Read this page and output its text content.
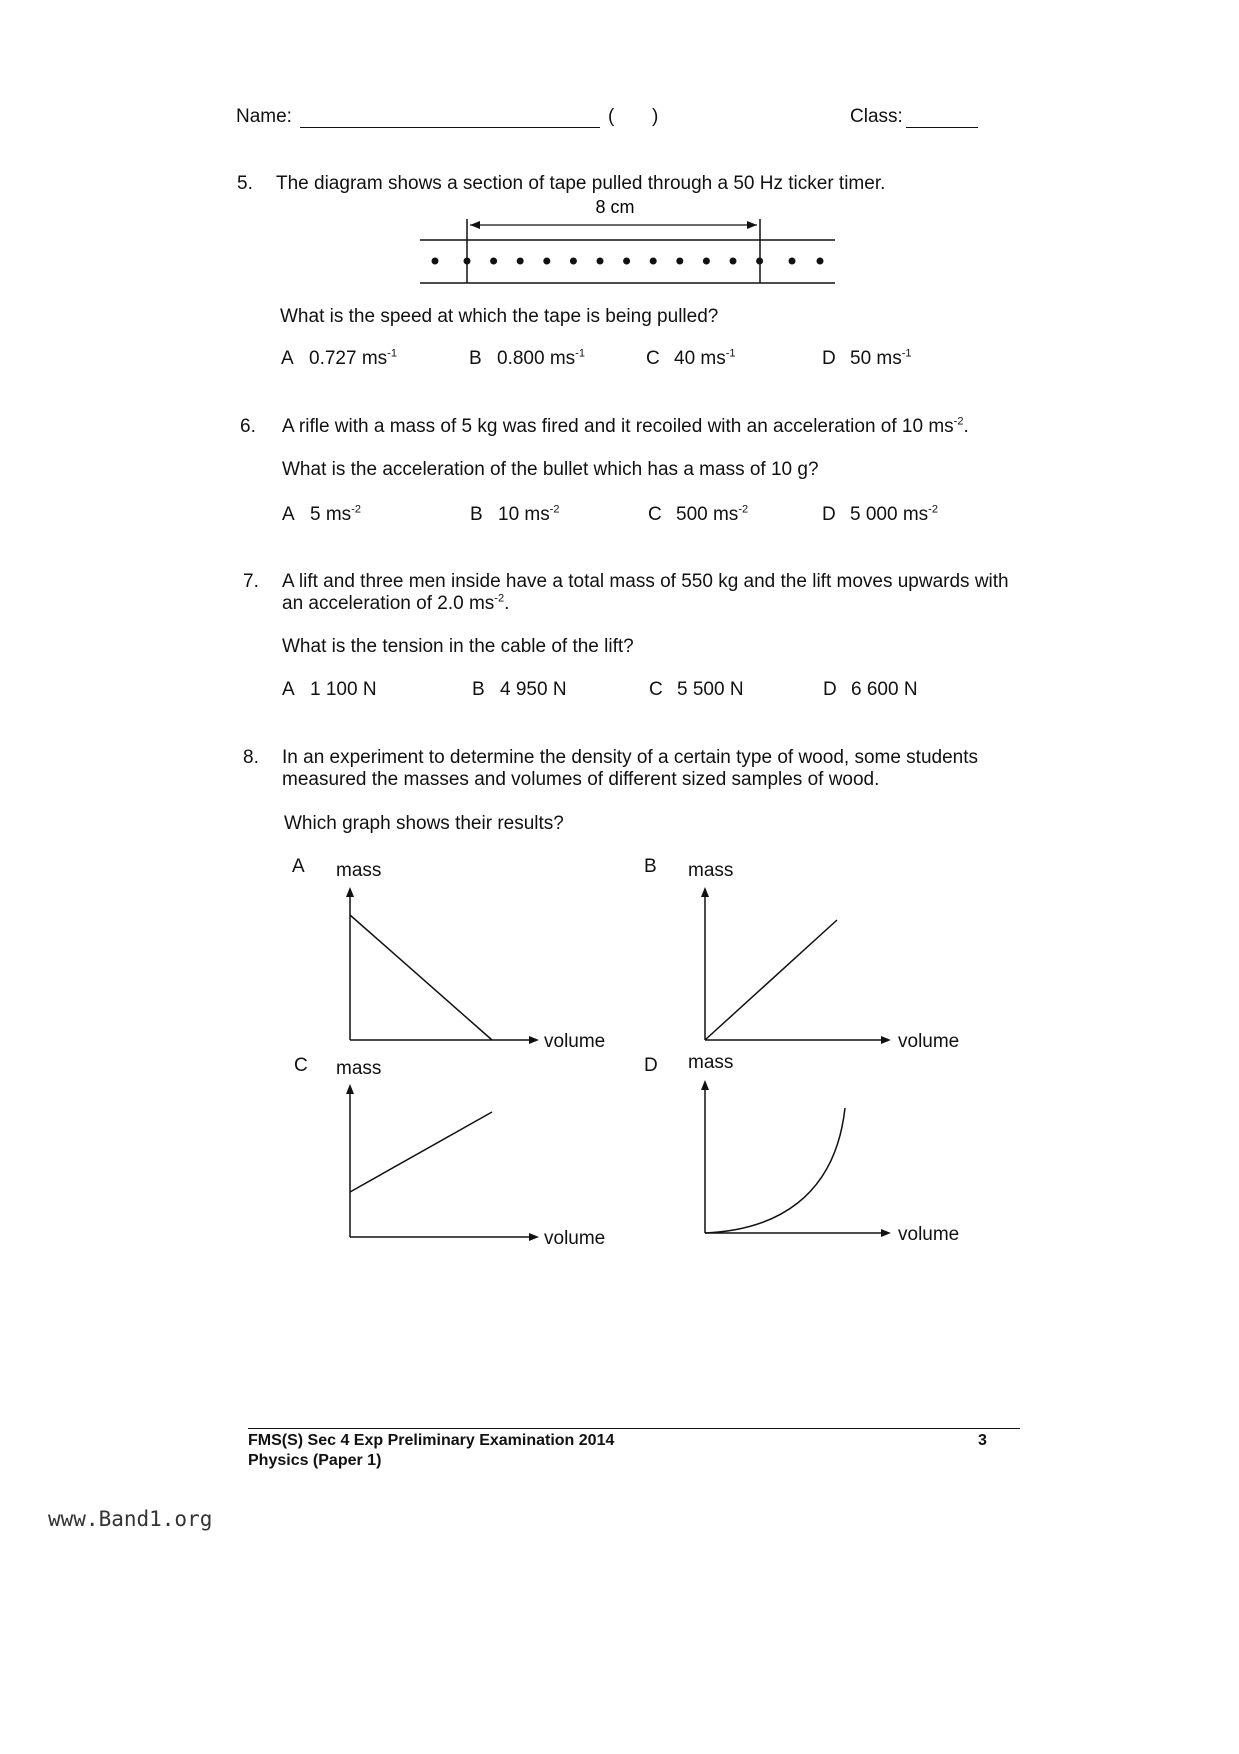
Name:	( )	Class:
5. The diagram shows a section of tape pulled through a 50 Hz ticker timer.
8 cm
What is the speed at which the tape is being pulled?
A 0.727 $ms^{-1}$	B 0.800 $ms^{-1}$	C 40 $ms^{-1}$	D 50 $ms^{-1}$
6. A rifle with a mass of 5 kg was fired and it recoiled with an acceleration of 10 $ms^{-2}$.
What is the acceleration of the bullet which has a mass of 10 g?
A 5 $ms^{-2}$	B 10 $ms^{-2}$	C 500 $ms^{-2}$	D 5 000 $ms^{-2}$
7. A lift and three men inside have a total mass of 550 kg and the lift moves upwards with
an acceleration of 2.0 $ms^{-2}$.
What is the tension in the cable of the lift?
A 1 100 N	B 4 950 N	C 5 500 N	D 6 600 N
8. In an experiment to determine the density of a certain type of wood, some students
measured the masses and volumes of different sized samples of wood.
Which graph shows their results?
A mass
volume
B mass
volume
C mass
volume
D mass
volume
FMS(S) Sec 4 Exp Preliminary Examination 2014
Physics (Paper 1)
3
www.Band1.org
